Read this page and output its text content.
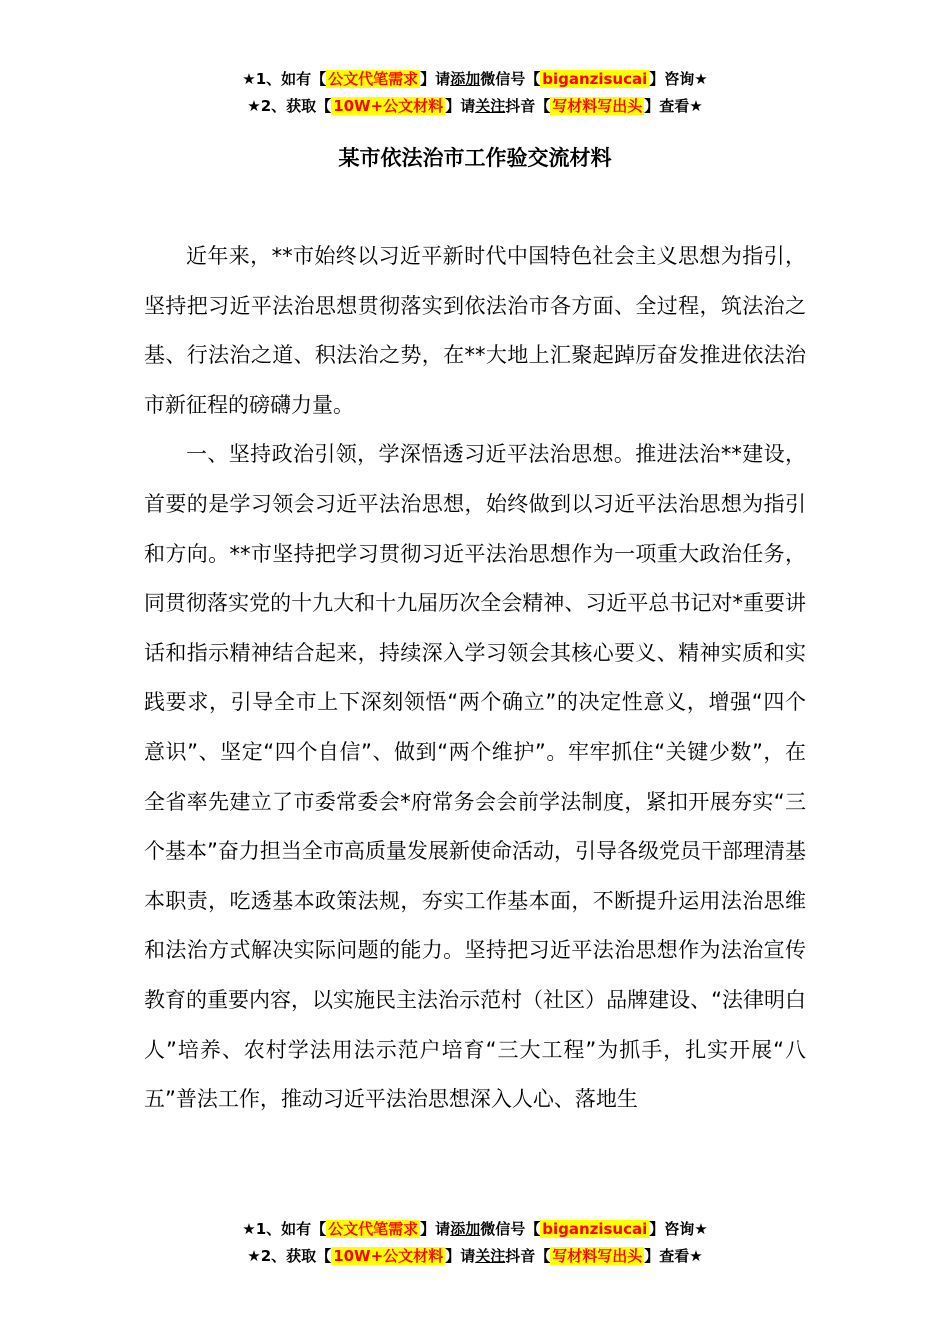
★1、如有【 公文代笔需求 】请添加微信号【 biganzisucai 】咨询★
★2、获取【 10W+公文材料 】请关注抖音【 写材料写出头 】查看★
某市依法治市工作验交流材料

近年来，**市始终以习近平新时代中国特色社会主义思想为指引，坚持把习近平法治思想贯彻落实到依法治市各方面、全过程，筑法治之基、行法治之道、积法治之势，在**大地上汇聚起踔厉奋发推进依法治市新征程的磅礴力量。

一、坚持政治引领，学深悟透习近平法治思想。推进法治**建设，首要的是学习领会习近平法治思想，始终做到以习近平法治思想为指引和方向。**市坚持把学习贯彻习近平法治思想作为一项重大政治任务，同贯彻落实党的十九大和十九届历次全会精神、习近平总书记对*重要讲话和指示精神结合起来，持续深入学习领会其核心要义、精神实质和实践要求，引导全市上下深刻领悟“两个确立”的决定性意义，增强“四个意识”、坚定“四个自信”、做到“两个维护”。牢牢抓住“关键少数”，在全省率先建立了市委常委会*府常务会会前学法制度，紧扣开展夯实“三个基本”奋力担当全市高质量发展新使命活动，引导各级党员干部理清基本职责，吃透基本政策法规，夯实工作基本面，不断提升运用法治思维和法治方式解决实际问题的能力。坚持把习近平法治思想作为法治宣传教育的重要内容，以实施民主法治示范村（社区）品牌建设、“法律明白人”培养、农村学法用法示范户培育“三大工程”为抓手，扎实开展“八五”普法工作，推动习近平法治思想深入人心、落地生

★1、如有【 公文代笔需求 】请添加微信号【 biganzisucai 】咨询★
★2、获取【 10W+公文材料 】请关注抖音【 写材料写出头 】查看★
